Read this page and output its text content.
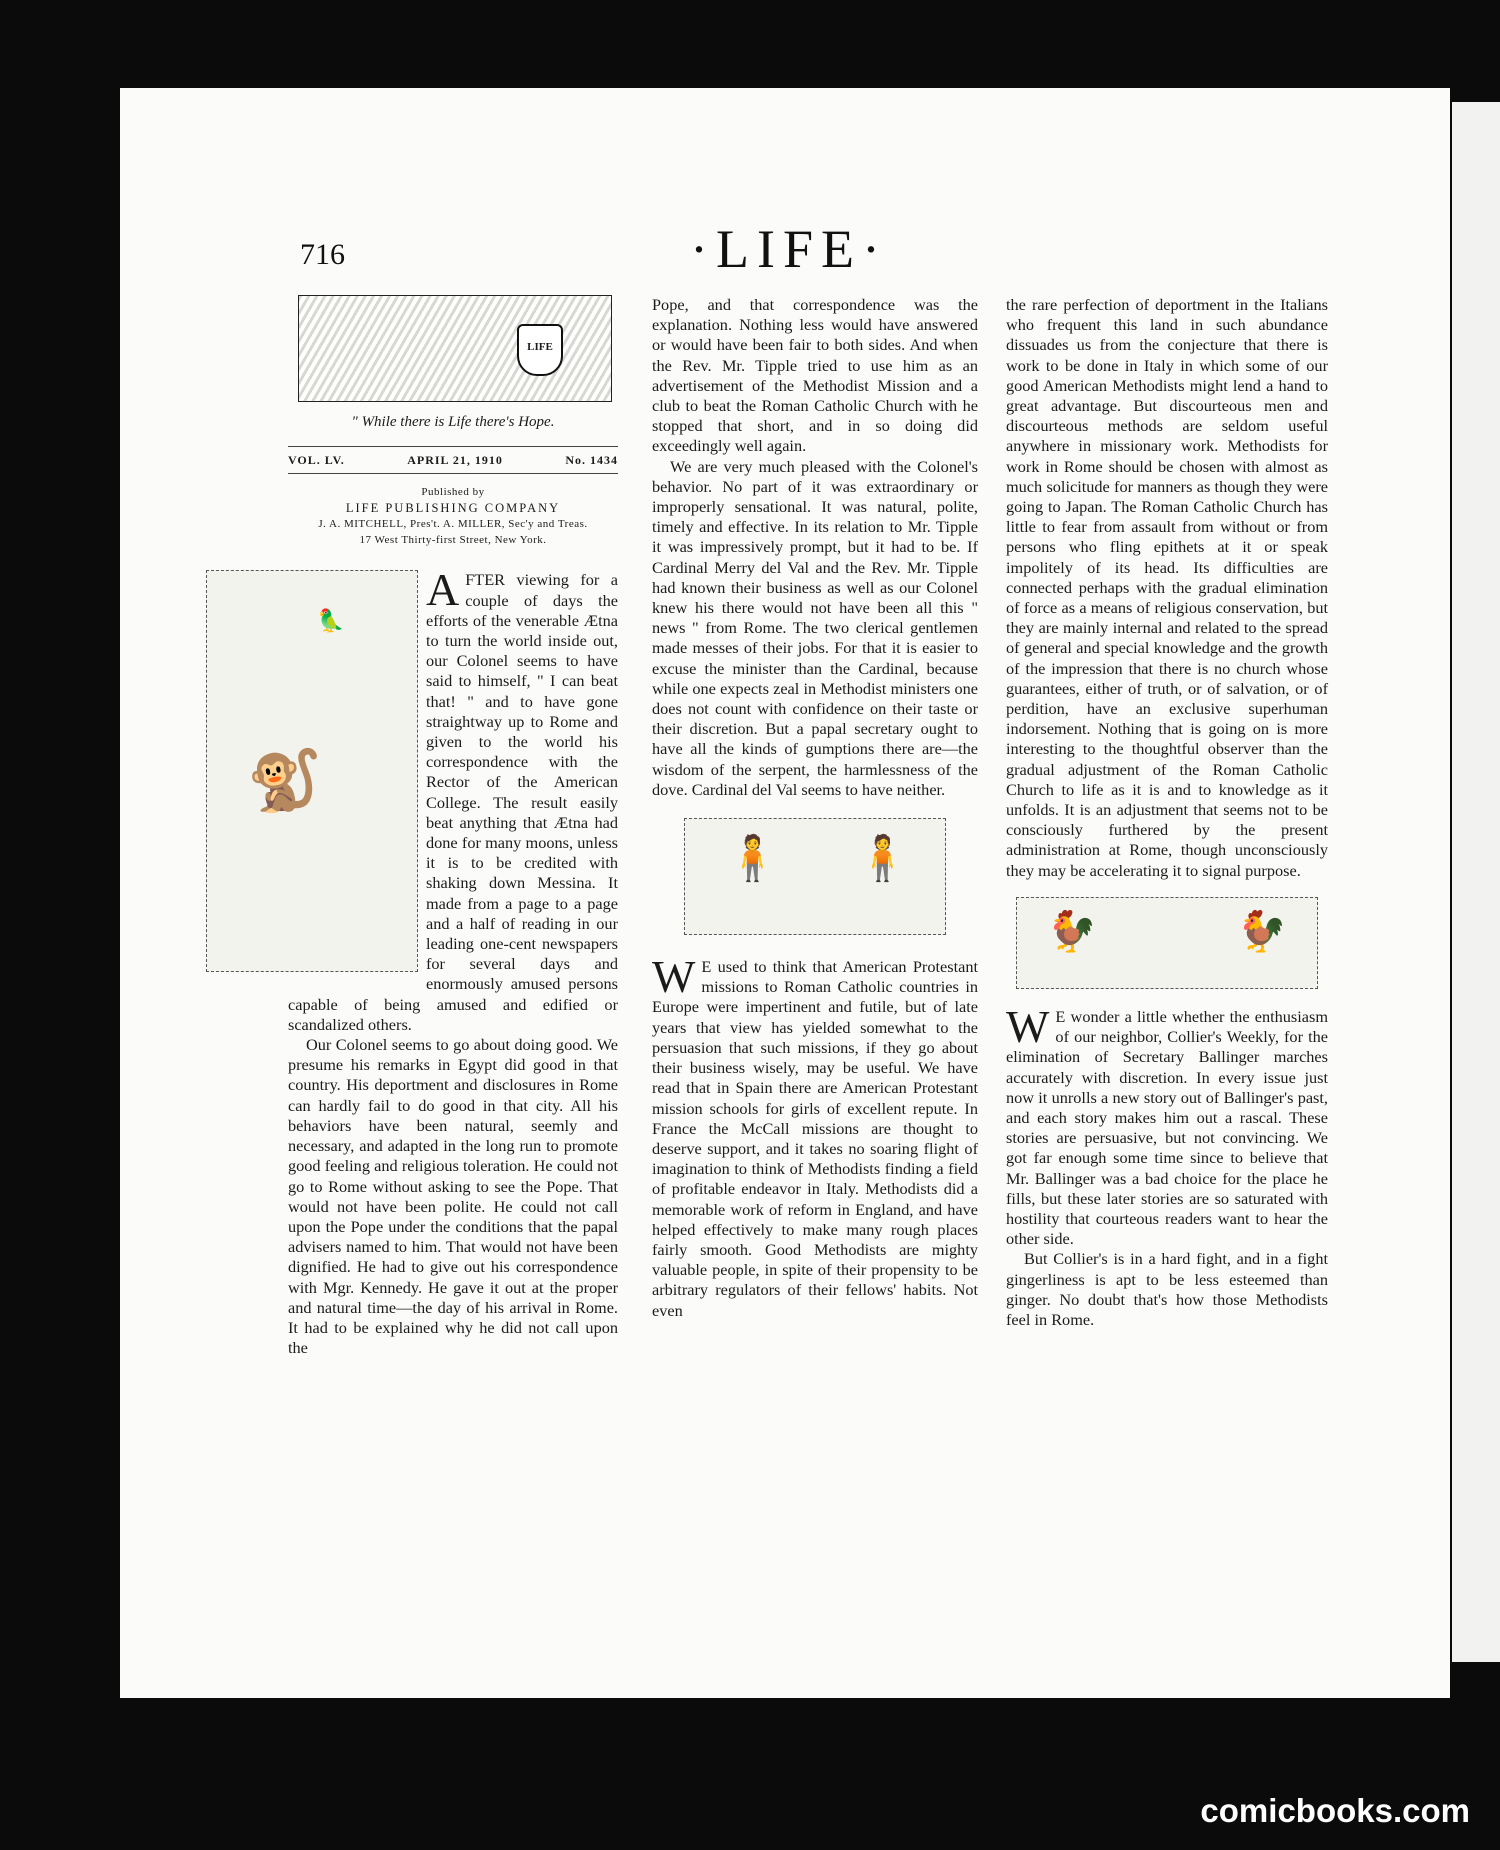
716	·LIFE·
LIFE
" While there is Life there's Hope.
VOL. LV.	APRIL 21, 1910	No. 1434
Published by
LIFE PUBLISHING COMPANY
J. A. MITCHELL, Pres't. A. MILLER, Sec'y and Treas.
17 West Thirty-first Street, New York.
🦜
🐒

AFTER viewing for a couple of days the efforts of the venerable Ætna to turn the world inside out, our Colonel seems to have said to himself, " I can beat that! " and to have gone straightway up to Rome and given to the world his correspondence with the Rector of the American College. The result easily beat anything that Ætna had done for many moons, unless it is to be credited with shaking down Messina. It made from a page to a page and a half of reading in our leading one-cent newspapers for several days and enormously amused persons capable of being amused and edified or scandalized others.

Our Colonel seems to go about doing good. We presume his remarks in Egypt did good in that country. His deportment and disclosures in Rome can hardly fail to do good in that city. All his behaviors have been natural, seemly and necessary, and adapted in the long run to promote good feeling and religious toleration. He could not go to Rome without asking to see the Pope. That would not have been polite. He could not call upon the Pope under the conditions that the papal advisers named to him. That would not have been dignified. He had to give out his correspondence with Mgr. Kennedy. He gave it out at the proper and natural time—the day of his arrival in Rome. It had to be explained why he did not call upon the

Pope, and that correspondence was the explanation. Nothing less would have answered or would have been fair to both sides. And when the Rev. Mr. Tipple tried to use him as an advertisement of the Methodist Mission and a club to beat the Roman Catholic Church with he stopped that short, and in so doing did exceedingly well again.

We are very much pleased with the Colonel's behavior. No part of it was extraordinary or improperly sensational. It was natural, polite, timely and effective. In its relation to Mr. Tipple it was impressively prompt, but it had to be. If Cardinal Merry del Val and the Rev. Mr. Tipple had known their business as well as our Colonel knew his there would not have been all this " news " from Rome. The two clerical gentlemen made messes of their jobs. For that it is easier to excuse the minister than the Cardinal, because while one expects zeal in Methodist ministers one does not count with confidence on their taste or their discretion. But a papal secretary ought to have all the kinds of gumptions there are—the wisdom of the serpent, the harmlessness of the dove. Cardinal del Val seems to have neither.

🧍 🧍

W E used to think that American Protestant missions to Roman Catholic countries in Europe were impertinent and futile, but of late years that view has yielded somewhat to the persuasion that such missions, if they go about their business wisely, may be useful. We have read that in Spain there are American Protestant mission schools for girls of excellent repute. In France the McCall missions are thought to deserve support, and it takes no soaring flight of imagination to think of Methodists finding a field of profitable endeavor in Italy. Methodists did a memorable work of reform in England, and have helped effectively to make many rough places fairly smooth. Good Methodists are mighty valuable people, in spite of their propensity to be arbitrary regulators of their fellows' habits. Not even

the rare perfection of deportment in the Italians who frequent this land in such abundance dissuades us from the conjecture that there is work to be done in Italy in which some of our good American Methodists might lend a hand to great advantage. But discourteous men and discourteous methods are seldom useful anywhere in missionary work. Methodists for work in Rome should be chosen with almost as much solicitude for manners as though they were going to Japan. The Roman Catholic Church has little to fear from assault from without or from persons who fling epithets at it or speak impolitely of its head. Its difficulties are connected perhaps with the gradual elimination of force as a means of religious conservation, but they are mainly internal and related to the spread of general and special knowledge and the growth of the impression that there is no church whose guarantees, either of truth, or of salvation, or of perdition, have an exclusive superhuman indorsement. Nothing that is going on is more interesting to the thoughtful observer than the gradual adjustment of the Roman Catholic Church to life as it is and to knowledge as it unfolds. It is an adjustment that seems not to be consciously furthered by the present administration at Rome, though unconsciously they may be accelerating it to signal purpose.

🐓	🐓

W E wonder a little whether the enthusiasm of our neighbor, Collier's Weekly, for the elimination of Secretary Ballinger marches accurately with discretion. In every issue just now it unrolls a new story out of Ballinger's past, and each story makes him out a rascal. These stories are persuasive, but not convincing. We got far enough some time since to believe that Mr. Ballinger was a bad choice for the place he fills, but these later stories are so saturated with hostility that courteous readers want to hear the other side.

But Collier's is in a hard fight, and in a fight gingerliness is apt to be less esteemed than ginger. No doubt that's how those Methodists feel in Rome.

comicbooks.com
